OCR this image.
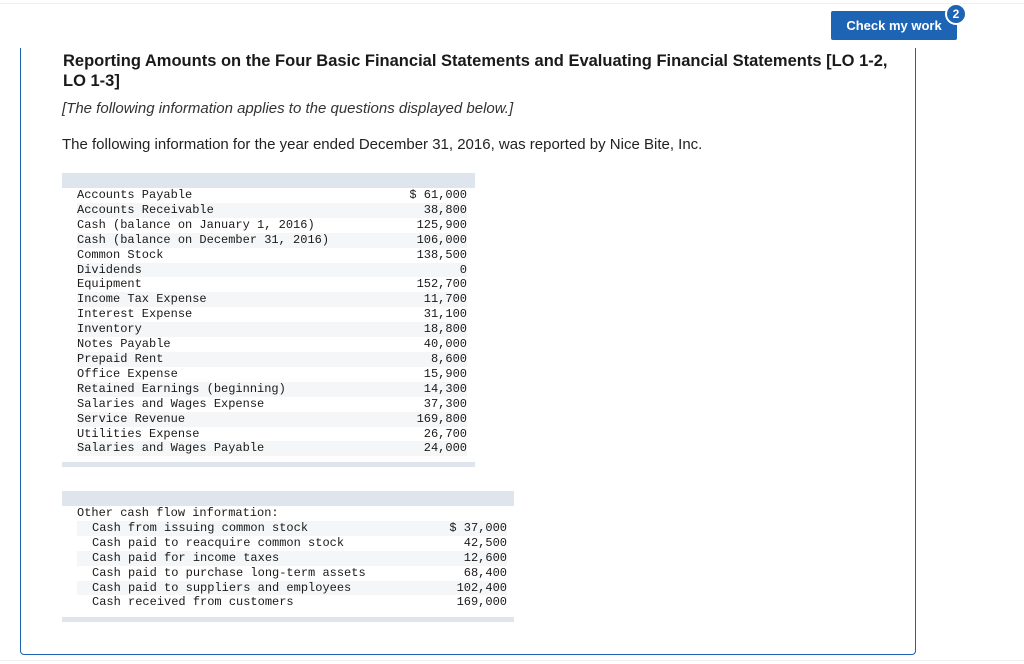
Check my work
2
Reporting Amounts on the Four Basic Financial Statements and Evaluating Financial Statements [LO 1-2, LO 1-3]

[The following information applies to the questions displayed below.]

The following information for the year ended December 31, 2016, was reported by Nice Bite, Inc.

Accounts Payable	$ 61,000
Accounts Receivable	38,800
Cash (balance on January 1, 2016)	125,900
Cash (balance on December 31, 2016)	106,000
Common Stock	138,500
Dividends	0
Equipment	152,700
Income Tax Expense	11,700
Interest Expense	31,100
Inventory	18,800
Notes Payable	40,000
Prepaid Rent	8,600
Office Expense	15,900
Retained Earnings (beginning)	14,300
Salaries and Wages Expense	37,300
Service Revenue	169,800
Utilities Expense	26,700
Salaries and Wages Payable	24,000
Other cash flow information:	
Cash from issuing common stock	$ 37,000
Cash paid to reacquire common stock	42,500
Cash paid for income taxes	12,600
Cash paid to purchase long-term assets	68,400
Cash paid to suppliers and employees	102,400
Cash received from customers	169,000
